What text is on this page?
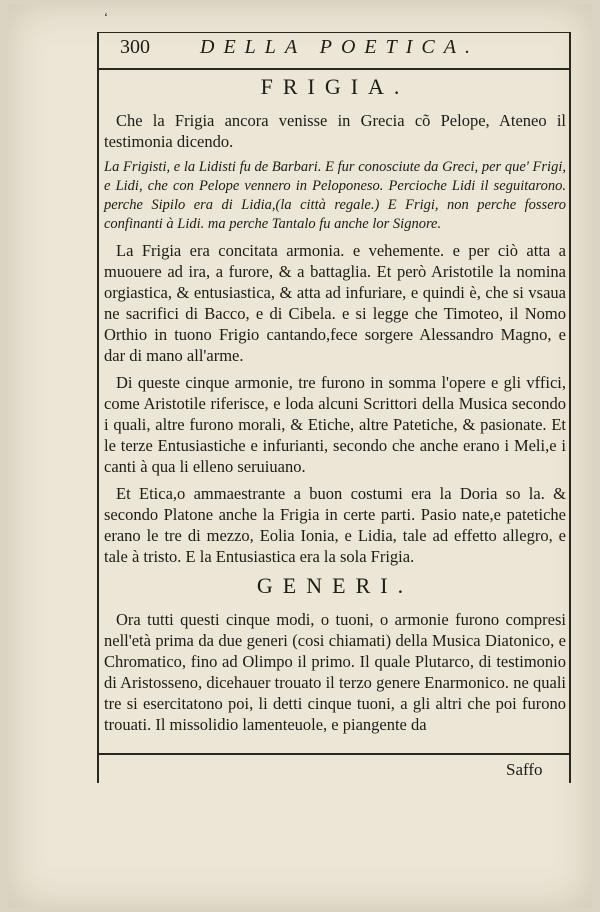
‘
300	DELLA POETICA.
FRIGIA.

Che la Frigia ancora venisse in Grecia cõ Pelope, Ateneo il testimonia dicendo.

La Frigisti, e la Lidisti fu de Barbari. E fur conosciute da Greci, per que' Frigi, e Lidi, che con Pelope vennero in Peloponeso. Percioche Lidi il seguitarono. perche Sipilo era di Lidia,(la città regale.) E Frigi, non perche fossero confinanti à Lidi. ma perche Tantalo fu anche lor Signore.

La Frigia era concitata armonia. e vehemente. e per ciò atta a muouere ad ira, a furore, & a battaglia. Et però Aristotile la nomina orgiastica, & entusiastica, & atta ad infuriare, e quindi è, che si vsaua ne sacrifici di Bacco, e di Cibela. e si legge che Timoteo, il Nomo Orthio in tuono Frigio cantando,fece sorgere Alessandro Magno, e dar di mano all'arme.

Di queste cinque armonie, tre furono in somma l'opere e gli vffici, come Aristotile riferisce, e loda alcuni Scrittori della Musica secondo i quali, altre furono morali, & Etiche, altre Patetiche, & pasionate. Et le terze Entusiastiche e infurianti, secondo che anche erano i Meli,e i canti à qua li elleno seruiuano.

Et Etica,o ammaestrante a buon costumi era la Doria so la. & secondo Platone anche la Frigia in certe parti. Pasio nate,e patetiche erano le tre di mezzo, Eolia Ionia, e Lidia, tale ad effetto allegro, e tale à tristo. E la Entusiastica era la sola Frigia.

GENERI.

Ora tutti questi cinque modi, o tuoni, o armonie furono compresi nell'età prima da due generi (cosi chiamati) della Musica Diatonico, e Chromatico, fino ad Olimpo il primo. Il quale Plutarco, di testimonio di Aristosseno, dicehauer trouato il terzo genere Enarmonico. ne quali tre si esercitatono poi, li detti cinque tuoni, a gli altri che poi furono trouati. Il missolidio lamenteuole, e piangente da

Saffo
